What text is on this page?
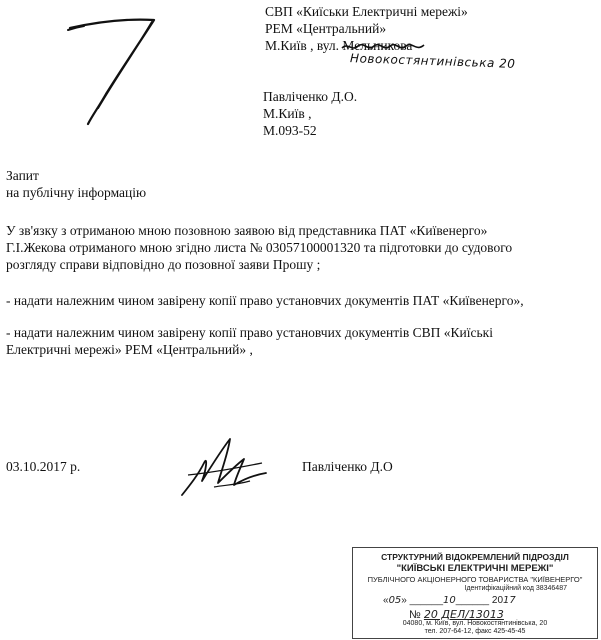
СВП «Киїськи Електричні мережі»
РЕМ «Центральний»
М.Київ , вул. Мельникова
Новокостянтинівська 20
Павліченко Д.О.
М.Київ ,
М.093-52
Запит
на публічну інформацію
У зв'язку з отриманою мною позовною заявою від представника ПАТ «Київенерго»
Г.І.Жекова отриманого мною згідно листа № 03057100001320 та підготовки до судового
розгляду справи відповідно до позовної заяви Прошу ;
- надати належним чином завірену копії право установчих документів ПАТ «Київенерго»,
- надати належним чином завірену копії право установчих документів СВП «Киїські
Електричні мережі» РЕМ «Центральний» ,
03.10.2017 р.	Павліченко Д.О
СТРУКТУРНИЙ ВІДОКРЕМЛЕНИЙ ПІДРОЗДІЛ
"КИЇВСЬКІ ЕЛЕКТРИЧНІ МЕРЕЖІ"
ПУБЛІЧНОГО АКЦІОНЕРНОГО ТОВАРИСТВА "КИЇВЕНЕРГО"
Ідентифікаційний код 38346487
«05» ______10______ 2017
№ 20 ДЕЛ/13013
04080, м. Київ, вул. Новокостянтинівська, 20
тел. 207-64-12, факс 425-45-45
